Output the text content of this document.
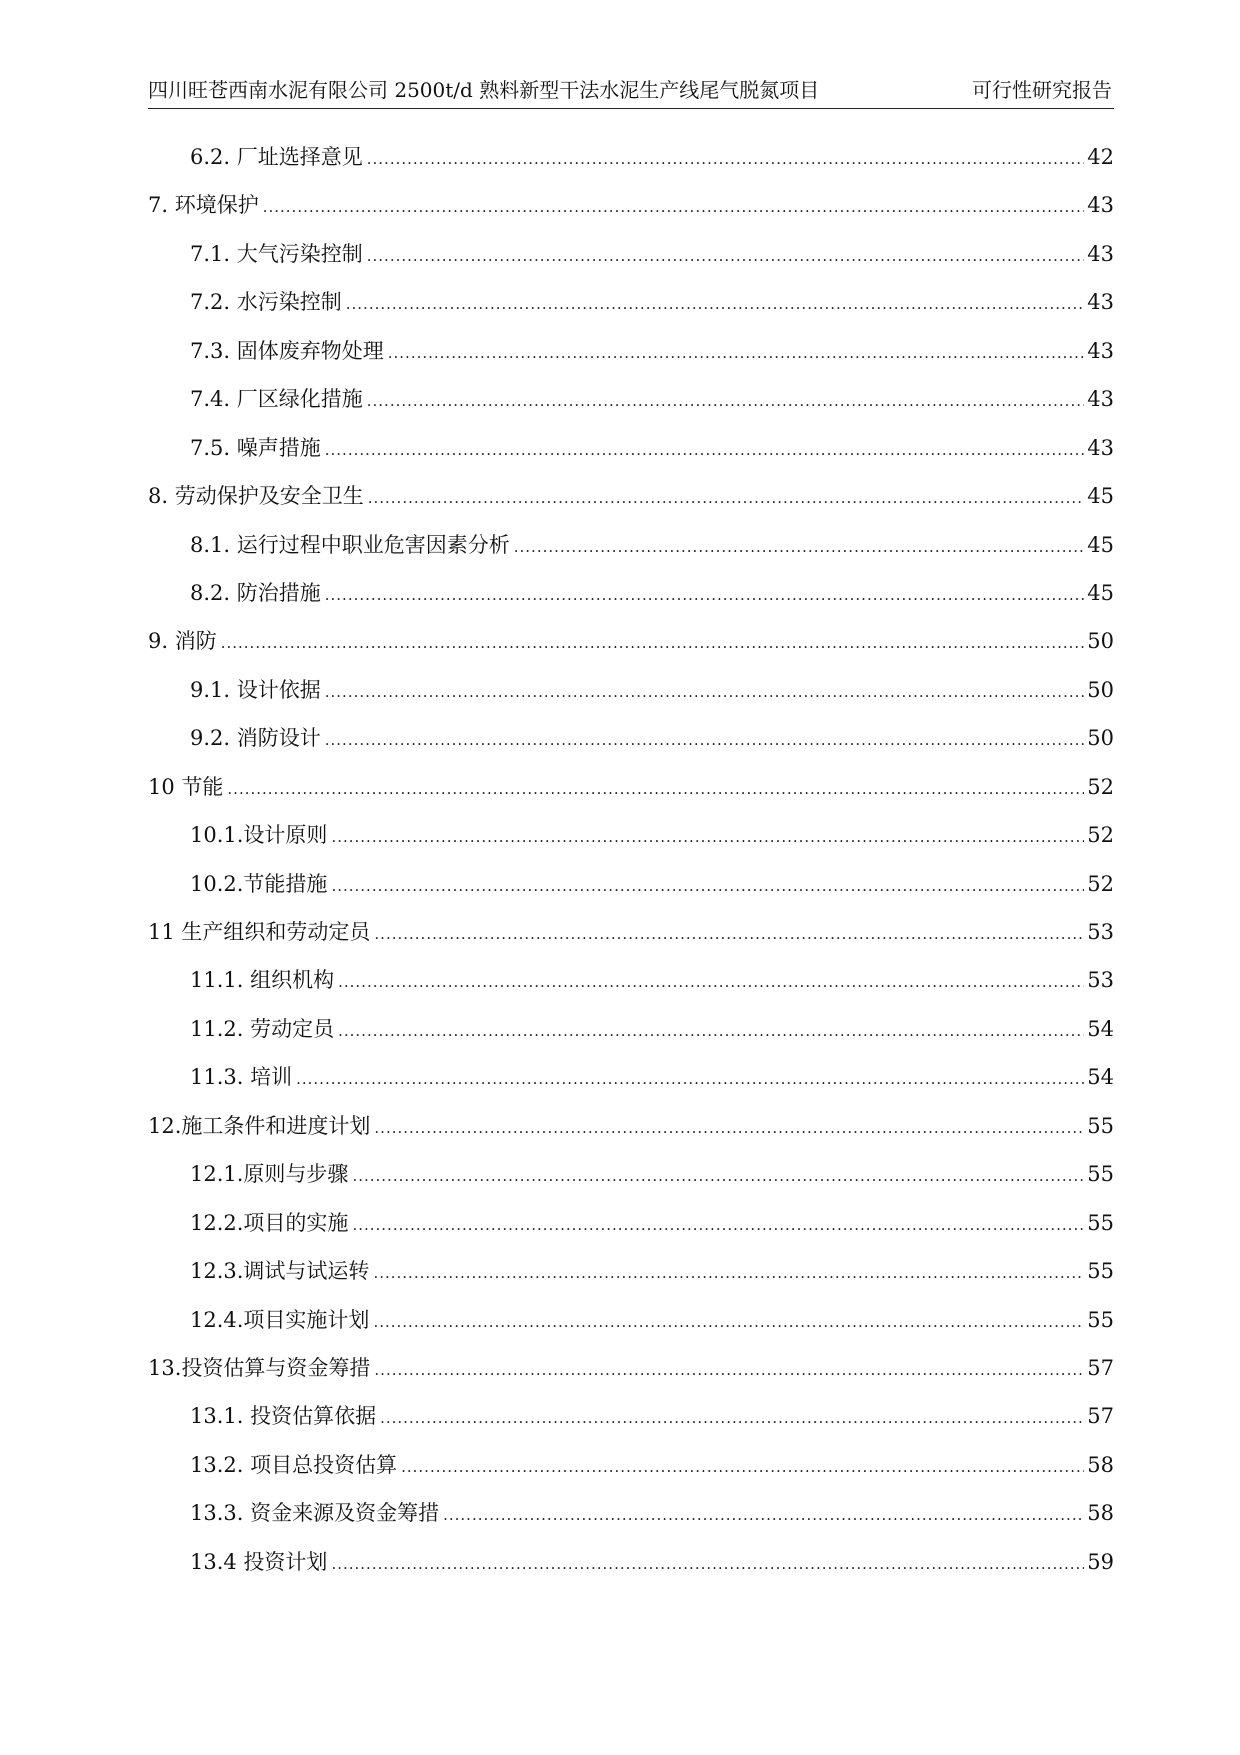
四川旺苍西南水泥有限公司 2500t/d 熟料新型干法水泥生产线尾气脱氮项目	可行性研究报告
6.2. 厂址选择意见 .....	42
7. 环境保护 .....	43
7.1. 大气污染控制 .....	43
7.2. 水污染控制 .....	43
7.3. 固体废弃物处理 .....	43
7.4. 厂区绿化措施 .....	43
7.5. 噪声措施 .....	43
8. 劳动保护及安全卫生 .....	45
8.1. 运行过程中职业危害因素分析 .....	45
8.2. 防治措施 .....	45
9. 消防 .....	50
9.1. 设计依据 .....	50
9.2. 消防设计 .....	50
10 节能 .....	52
10.1.设计原则 .....	52
10.2.节能措施 .....	52
11 生产组织和劳动定员 .....	53
11.1. 组织机构 .....	53
11.2. 劳动定员 .....	54
11.3. 培训 .....	54
12.施工条件和进度计划 .....	55
12.1.原则与步骤 .....	55
12.2.项目的实施 .....	55
12.3.调试与试运转 .....	55
12.4.项目实施计划 .....	55
13.投资估算与资金筹措 .....	57
13.1. 投资估算依据 .....	57
13.2. 项目总投资估算 .....	58
13.3. 资金来源及资金筹措 .....	58
13.4 投资计划 .....	59
